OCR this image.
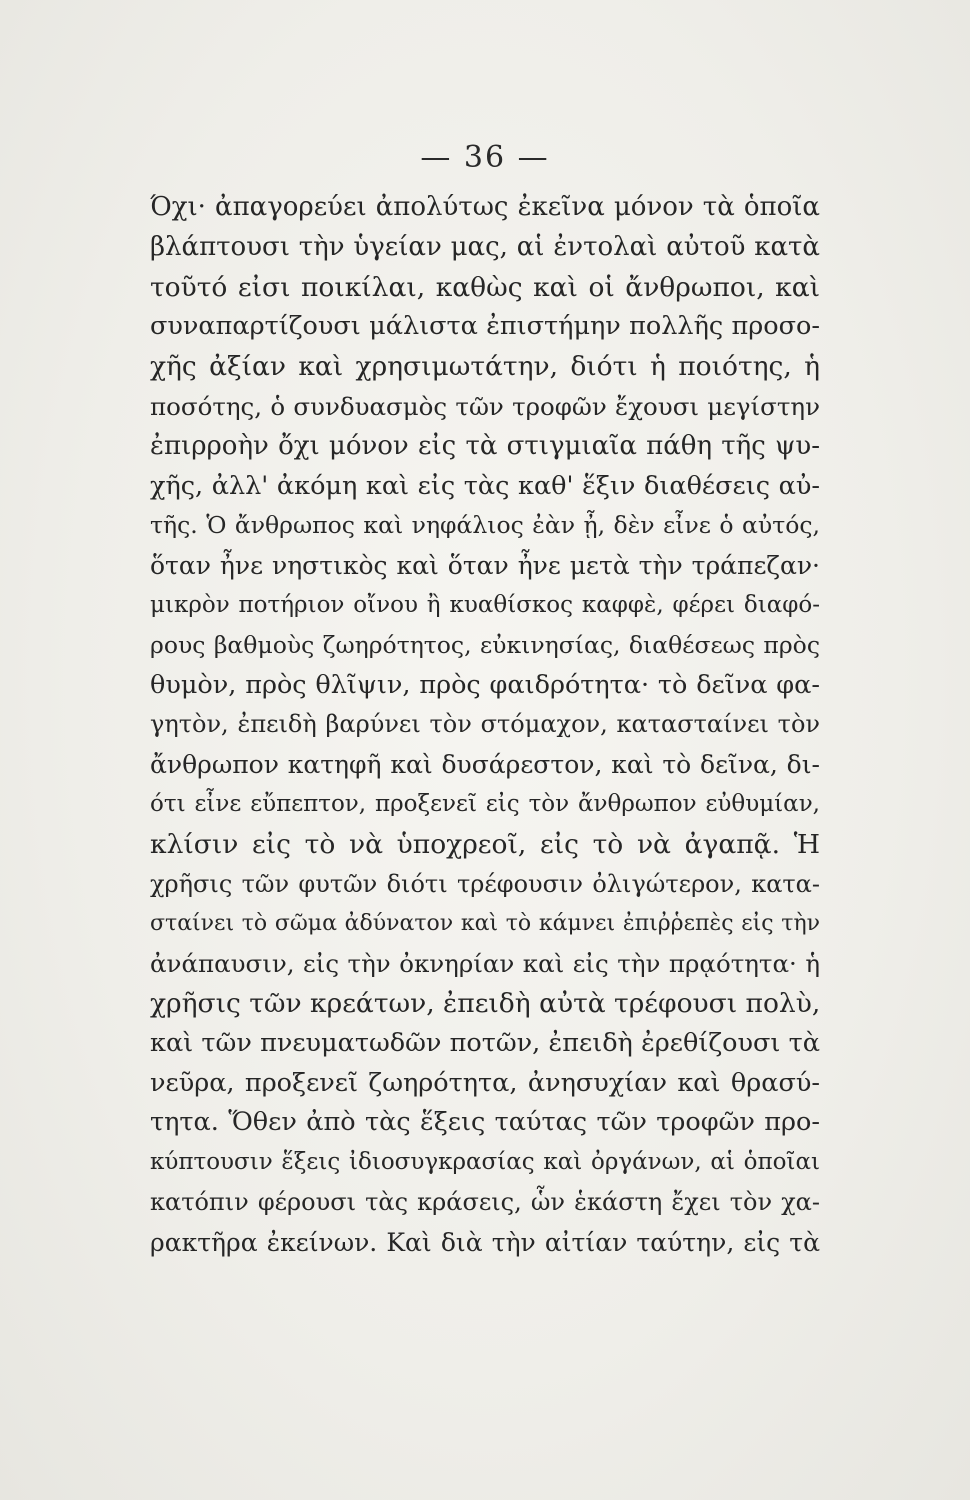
— 36 —
Όχι· ἀπαγορεύει ἀπολύτως ἐκεῖνα μόνον τὰ ὁποῖα
βλάπτουσι τὴν ὑγείαν μας, αἱ ἐντολαὶ αὐτοῦ κατὰ
τοῦτό εἰσι ποικίλαι, καθὼς καὶ οἱ ἄνθρωποι, καὶ
συναπαρτίζουσι μάλιστα ἐπιστήμην πολλῆς προσο-
χῆς ἀξίαν καὶ χρησιμωτάτην, διότι ἡ ποιότης, ἡ
ποσότης, ὁ συνδυασμὸς τῶν τροφῶν ἔχουσι μεγίστην
ἐπιρροὴν ὄχι μόνον εἰς τὰ στιγμιαῖα πάθη τῆς ψυ-
χῆς, ἀλλ' ἀκόμη καὶ εἰς τὰς καθ' ἕξιν διαθέσεις αὐ-
τῆς. Ὁ ἄνθρωπος καὶ νηφάλιος ἐὰν ᾖ, δὲν εἶνε ὁ αὐτός,
ὅταν ἦνε νηστικὸς καὶ ὅταν ἦνε μετὰ τὴν τράπεζαν·
μικρὸν ποτήριον οἴνου ἢ κυαθίσκος καφφὲ, φέρει διαφό-
ρους βαθμοὺς ζωηρότητος, εὐκινησίας, διαθέσεως πρὸς
θυμὸν, πρὸς θλῖψιν, πρὸς φαιδρότητα· τὸ δεῖνα φα-
γητὸν, ἐπειδὴ βαρύνει τὸν στόμαχον, κατασταίνει τὸν
ἄνθρωπον κατηφῆ καὶ δυσάρεστον, καὶ τὸ δεῖνα, δι-
ότι εἶνε εὔπεπτον, προξενεῖ εἰς τὸν ἄνθρωπον εὐθυμίαν,
κλίσιν εἰς τὸ νὰ ὑποχρεοῖ, εἰς τὸ νὰ ἀγαπᾷ. Ἡ
χρῆσις τῶν φυτῶν διότι τρέφουσιν ὀλιγώτερον, κατα-
σταίνει τὸ σῶμα ἀδύνατον καὶ τὸ κάμνει ἐπιῤῥεπὲς εἰς τὴν
ἀνάπαυσιν, εἰς τὴν ὀκνηρίαν καὶ εἰς τὴν πρᾳότητα· ἡ
χρῆσις τῶν κρεάτων, ἐπειδὴ αὐτὰ τρέφουσι πολὺ,
καὶ τῶν πνευματωδῶν ποτῶν, ἐπειδὴ ἐρεθίζουσι τὰ
νεῦρα, προξενεῖ ζωηρότητα, ἀνησυχίαν καὶ θρασύ-
τητα. Ὅθεν ἀπὸ τὰς ἕξεις ταύτας τῶν τροφῶν προ-
κύπτουσιν ἕξεις ἰδιοσυγκρασίας καὶ ὀργάνων, αἱ ὁποῖαι
κατόπιν φέρουσι τὰς κράσεις, ὧν ἑκάστη ἔχει τὸν χα-
ρακτῆρα ἐκείνων. Καὶ διὰ τὴν αἰτίαν ταύτην, εἰς τὰ
